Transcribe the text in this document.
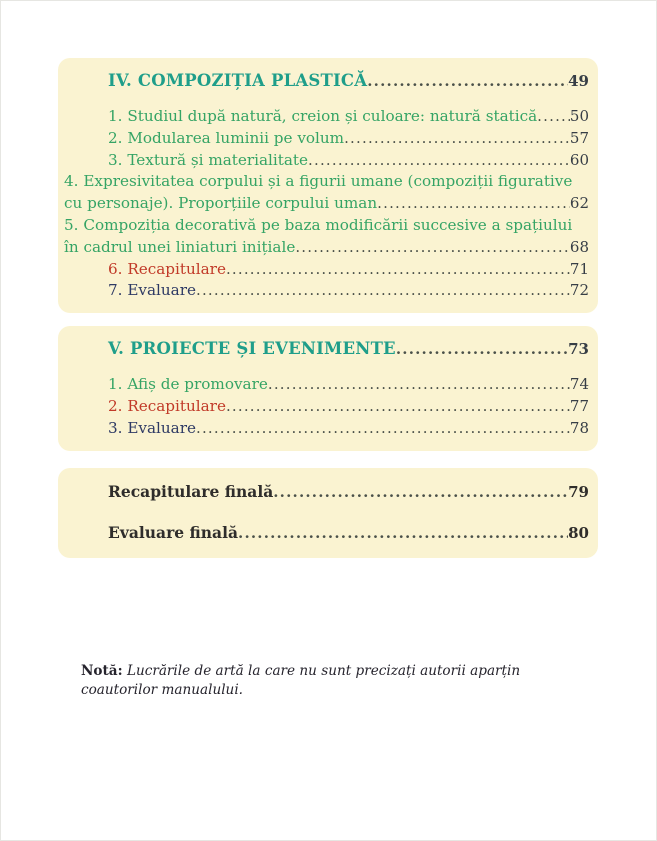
IV. COMPOZIȚIA PLASTICĂ .....	49
1. Studiul după natură, creion și culoare: natură statică ..... 50
2. Modularea luminii pe volum .....	57
3. Textură și materialitate .....	60
4. Expresivitatea corpului și a figurii umane (compoziții figurative
cu personaje). Proporțiile corpului uman .....	62
5. Compoziția decorativă pe baza modificării succesive a spațiului
în cadrul unei liniaturi inițiale .....	68
6. Recapitulare .....	71
7. Evaluare .....	72
V. PROIECTE ȘI EVENIMENTE .....	73
1. Afiș de promovare .....	74
2. Recapitulare .....	77
3. Evaluare .....	78
Recapitulare finală .....	79
Evaluare finală .....	80
Notă: Lucrările de artă la care nu sunt precizați autorii aparțin coautorilor manualului.
